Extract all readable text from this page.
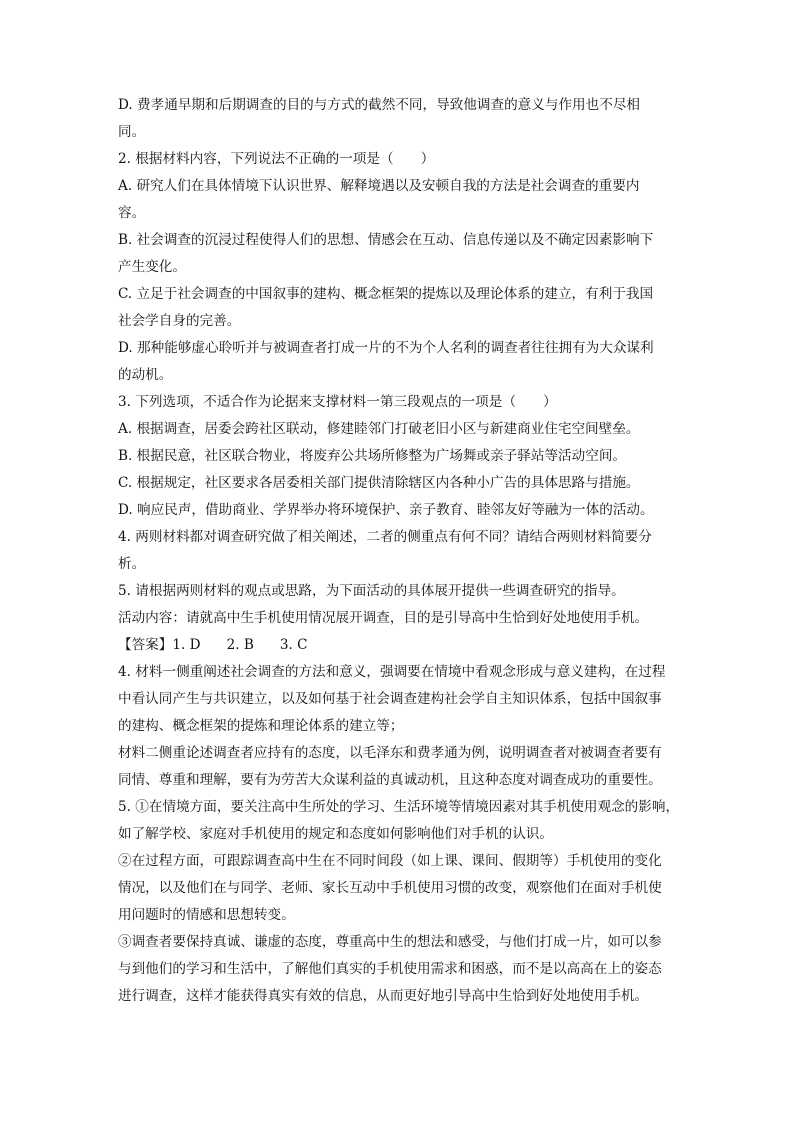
D. 费孝通早期和后期调查的目的与方式的截然不同，导致他调查的意义与作用也不尽相
同。
2. 根据材料内容，下列说法不正确的一项是（　　）
A. 研究人们在具体情境下认识世界、解释境遇以及安顿自我的方法是社会调查的重要内
容。
B. 社会调查的沉浸过程使得人们的思想、情感会在互动、信息传递以及不确定因素影响下
产生变化。
C. 立足于社会调查的中国叙事的建构、概念框架的提炼以及理论体系的建立，有利于我国
社会学自身的完善。
D. 那种能够虚心聆听并与被调查者打成一片的不为个人名利的调查者往往拥有为大众谋利
的动机。
3. 下列选项，不适合作为论据来支撑材料一第三段观点的一项是（　　）
A. 根据调查，居委会跨社区联动，修建睦邻门打破老旧小区与新建商业住宅空间壁垒。
B. 根据民意，社区联合物业，将废弃公共场所修整为广场舞或亲子驿站等活动空间。
C. 根据规定，社区要求各居委相关部门提供清除辖区内各种小广告的具体思路与措施。
D. 响应民声，借助商业、学界举办将环境保护、亲子教育、睦邻友好等融为一体的活动。
4. 两则材料都对调查研究做了相关阐述，二者的侧重点有何不同？请结合两则材料简要分
析。
5. 请根据两则材料的观点或思路，为下面活动的具体展开提供一些调查研究的指导。
活动内容：请就高中生手机使用情况展开调查，目的是引导高中生恰到好处地使用手机。
【答案】1. D 2. B 3. C
4. 材料一侧重阐述社会调查的方法和意义，强调要在情境中看观念形成与意义建构，在过程
中看认同产生与共识建立，以及如何基于社会调查建构社会学自主知识体系，包括中国叙事
的建构、概念框架的提炼和理论体系的建立等；
材料二侧重论述调查者应持有的态度，以毛泽东和费孝通为例，说明调查者对被调查者要有
同情、尊重和理解，要有为劳苦大众谋利益的真诚动机，且这种态度对调查成功的重要性。
5. ①在情境方面，要关注高中生所处的学习、生活环境等情境因素对其手机使用观念的影响，
如了解学校、家庭对手机使用的规定和态度如何影响他们对手机的认识。
②在过程方面，可跟踪调查高中生在不同时间段（如上课、课间、假期等）手机使用的变化
情况，以及他们在与同学、老师、家长互动中手机使用习惯的改变，观察他们在面对手机使
用问题时的情感和思想转变。
③调查者要保持真诚、谦虚的态度，尊重高中生的想法和感受，与他们打成一片，如可以参
与到他们的学习和生活中，了解他们真实的手机使用需求和困惑，而不是以高高在上的姿态
进行调查，这样才能获得真实有效的信息，从而更好地引导高中生恰到好处地使用手机。
